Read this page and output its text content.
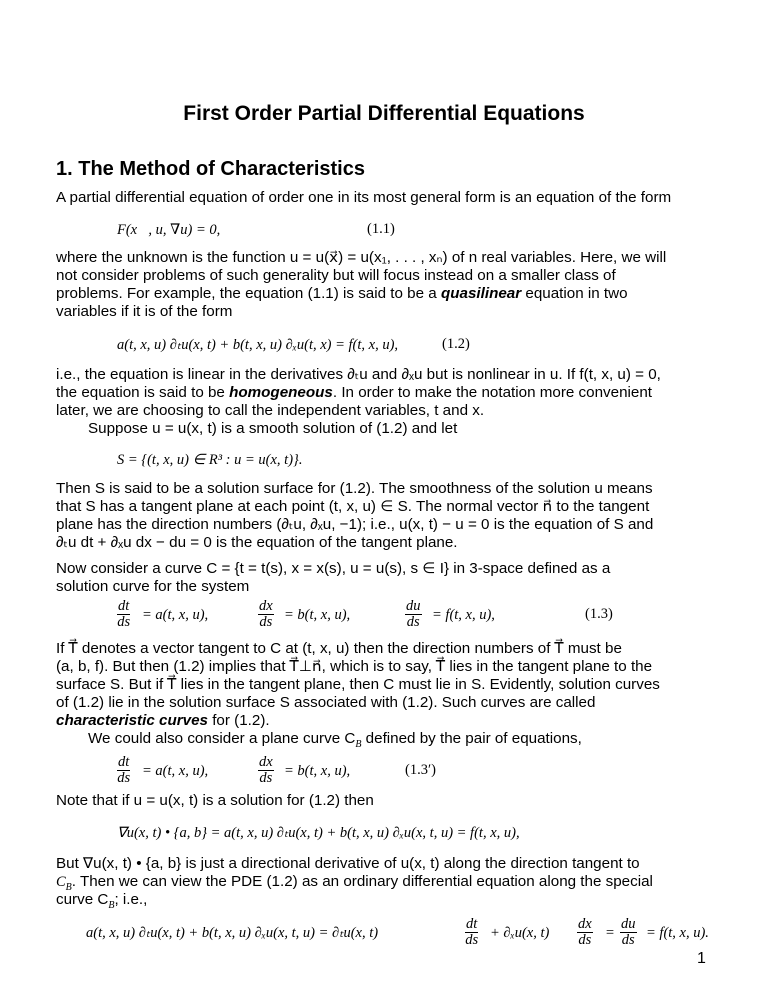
First Order Partial Differential Equations
1. The Method of Characteristics
A partial differential equation of order one in its most general form is an equation of the form
F(x⃗, u, ∇u) = 0,	(1.1)
where the unknown is the function u = u(x⃗) = u(x₁, . . . , xₙ) of n real variables. Here, we will
not consider problems of such generality but will focus instead on a smaller class of
problems. For example, the equation (1.1) is said to be a quasilinear equation in two
variables if it is of the form
a(t, x, u) ∂ₜu(x, t) + b(t, x, u) ∂ₓu(t, x) = f(t, x, u),	(1.2)
i.e., the equation is linear in the derivatives ∂ₜu and ∂ₓu but is nonlinear in u. If f(t, x, u) = 0,
the equation is said to be homogeneous. In order to make the notation more convenient
later, we are choosing to call the independent variables, t and x.
Suppose u = u(x, t) is a smooth solution of (1.2) and let
S = {(t, x, u) ∈ R³ : u = u(x, t)}.
Then S is said to be a solution surface for (1.2). The smoothness of the solution u means
that S has a tangent plane at each point (t, x, u) ∈ S. The normal vector n⃗ to the tangent
plane has the direction numbers (∂ₜu, ∂ₓu, −1); i.e., u(x, t) − u = 0 is the equation of S and
∂ₜu dt + ∂ₓu dx − du = 0 is the equation of the tangent plane.
Now consider a curve C = {t = t(s), x = x(s), u = u(s), s ∈ I} in 3-space defined as a
solution curve for the system
$\frac{dt}{ds} = a(t$, x, u),	$\frac{dx}{ds} = b(t$, x, u),	$\frac{du}{ds} = f(t$, x, u),	(1.3)
If T⃗ denotes a vector tangent to C at (t, x, u) then the direction numbers of T⃗ must be
(a, b, f). But then (1.2) implies that T⃗⊥n⃗, which is to say, T⃗ lies in the tangent plane to the
surface S. But if T⃗ lies in the tangent plane, then C must lie in S. Evidently, solution curves
of (1.2) lie in the solution surface S associated with (1.2). Such curves are called
characteristic curves for (1.2).
We could also consider a plane curve $C_B$ defined by the pair of equations,
$\frac{dt}{ds} = a(t$, x, u),	$\frac{dx}{ds} = b(t$, x, u),	(1.3′)
Note that if u = u(x, t) is a solution for (1.2) then
∇u(x, t) • {a, b} = a(t, x, u) ∂ₜu(x, t) + b(t, x, u) ∂ₓu(x, t, u) = f(t, x, u),
But ∇u(x, t) • {a, b} is just a directional derivative of u(x, t) along the direction tangent to
$C_B$. Then we can view the PDE (1.2) as an ordinary differential equation along the special
curve $C_B$; i.e.,
a(t, x, u) ∂ₜu(x, t) + b(t, x, u) ∂ₓu(x, t, u) = ∂ₜu(x, t)	$\frac{dt}{ds} + \partial_xu(x$, $t) \frac{dx}{ds} = \frac{du}{ds} = f(t$, x, u).
1
